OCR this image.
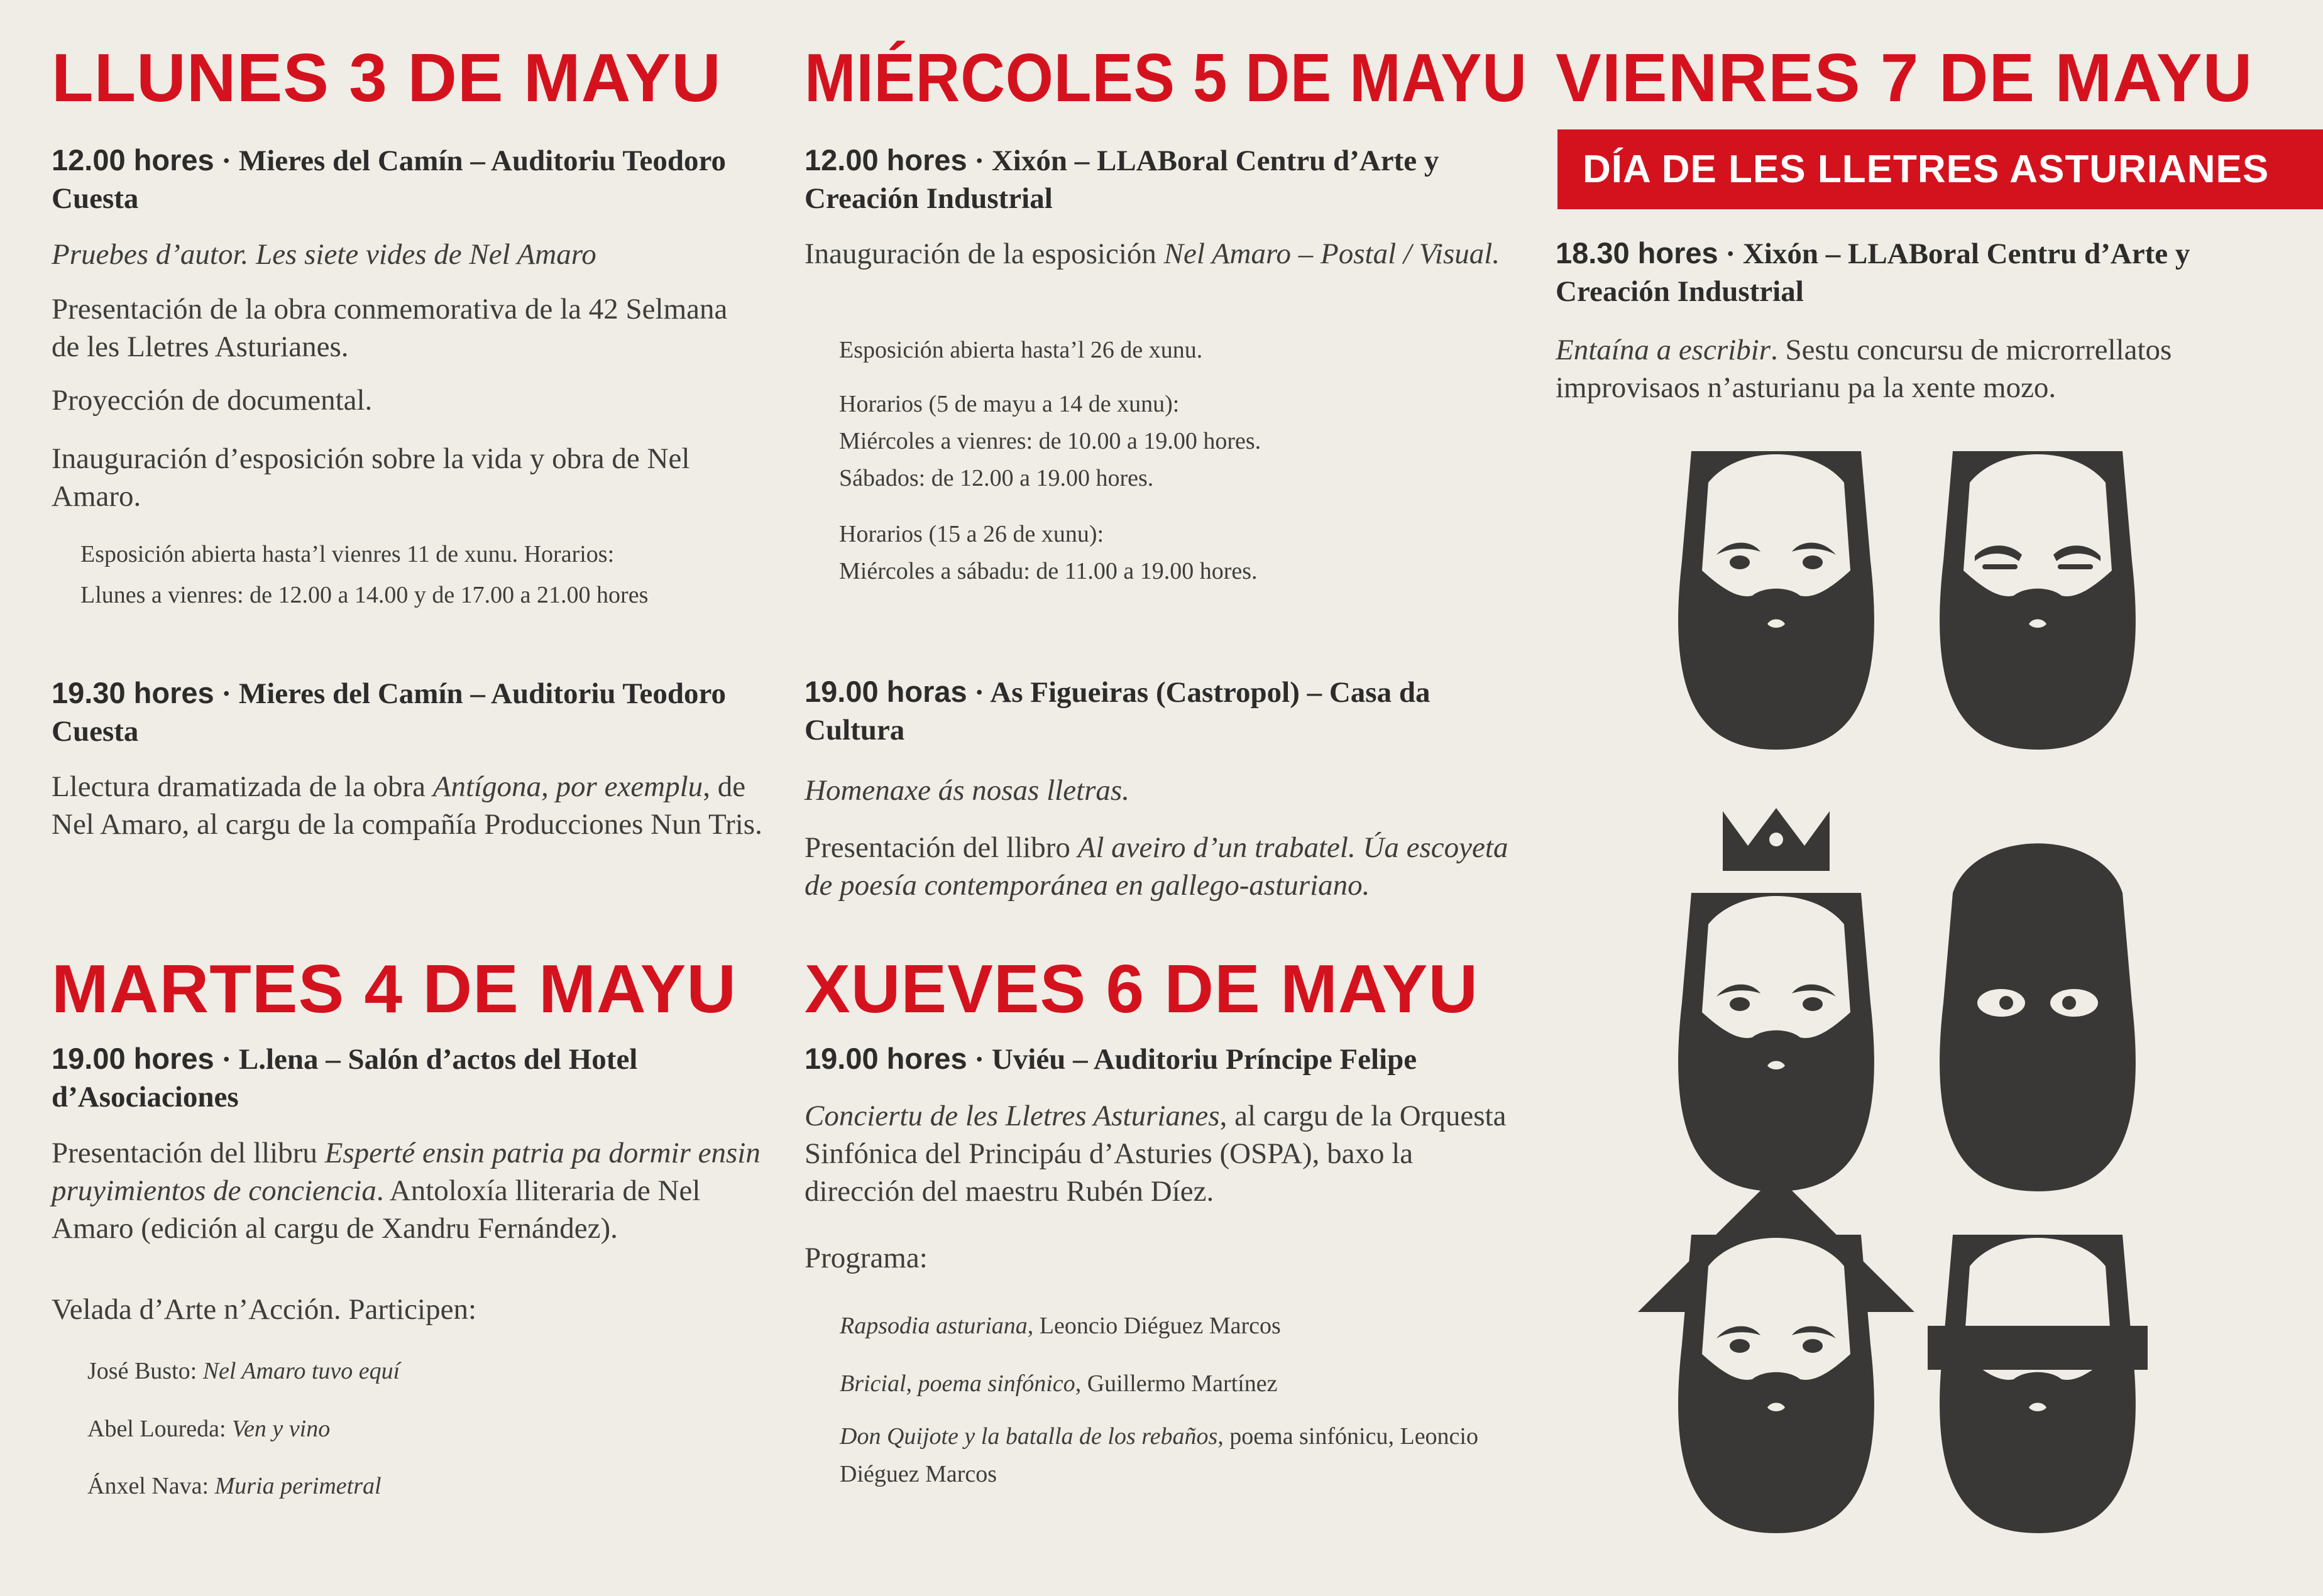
LLUNES 3 DE MAYU
12.00 hores · Mieres del Camín – Auditoriu Teodoro Cuesta
Pruebes d’autor. Les siete vides de Nel Amaro
Presentación de la obra conmemorativa de la 42 Selmana de les Lletres Asturianes.
Proyección de documental.
Inauguración d’esposición sobre la vida y obra de Nel Amaro.
Esposición abierta hasta’l vienres 11 de xunu. Horarios:
Llunes a vienres: de 12.00 a 14.00 y de 17.00 a 21.00 hores
19.30 hores · Mieres del Camín – Auditoriu Teodoro Cuesta
Llectura dramatizada de la obra Antígona, por exemplu, de Nel Amaro, al cargu de la compañía Producciones Nun Tris.
MARTES 4 DE MAYU
19.00 hores · L.lena – Salón d’actos del Hotel d’Asociaciones
Presentación del llibru Esperté ensin patria pa dormir ensin pruyimientos de conciencia. Antoloxía lliteraria de Nel Amaro (edición al cargu de Xandru Fernández).
Velada d’Arte n’Acción. Participen:
José Busto: Nel Amaro tuvo equí
Abel Loureda: Ven y vino
Ánxel Nava: Muria perimetral
MIÉRCOLES 5 DE MAYU
12.00 hores · Xixón – LLABoral Centru d’Arte y Creación Industrial
Inauguración de la esposición Nel Amaro – Postal / Visual.
Esposición abierta hasta’l 26 de xunu.
Horarios (5 de mayu a 14 de xunu):
Miércoles a vienres: de 10.00 a 19.00 hores.
Sábados: de 12.00 a 19.00 hores.
Horarios (15 a 26 de xunu):
Miércoles a sábadu: de 11.00 a 19.00 hores.
19.00 horas · As Figueiras (Castropol) – Casa da Cultura
Homenaxe ás nosas lletras.
Presentación del llibro Al aveiro d’un trabatel. Úa escoyeta de poesía contemporánea en gallego-asturiano.
XUEVES 6 DE MAYU
19.00 hores · Uviéu – Auditoriu Príncipe Felipe
Conciertu de les Lletres Asturianes, al cargu de la Orquesta Sinfónica del Principáu d’Asturies (OSPA), baxo la dirección del maestru Rubén Díez.
Programa:
Rapsodia asturiana, Leoncio Diéguez Marcos
Bricial, poema sinfónico, Guillermo Martínez
Don Quijote y la batalla de los rebaños, poema sinfónicu, Leoncio Diéguez Marcos
VIENRES 7 DE MAYU
DÍA DE LES LLETRES ASTURIANES
18.30 hores · Xixón – LLABoral Centru d’Arte y Creación Industrial
Entaína a escribir. Sestu concursu de microrrellatos improvisaos n’asturianu pa la xente mozo.
